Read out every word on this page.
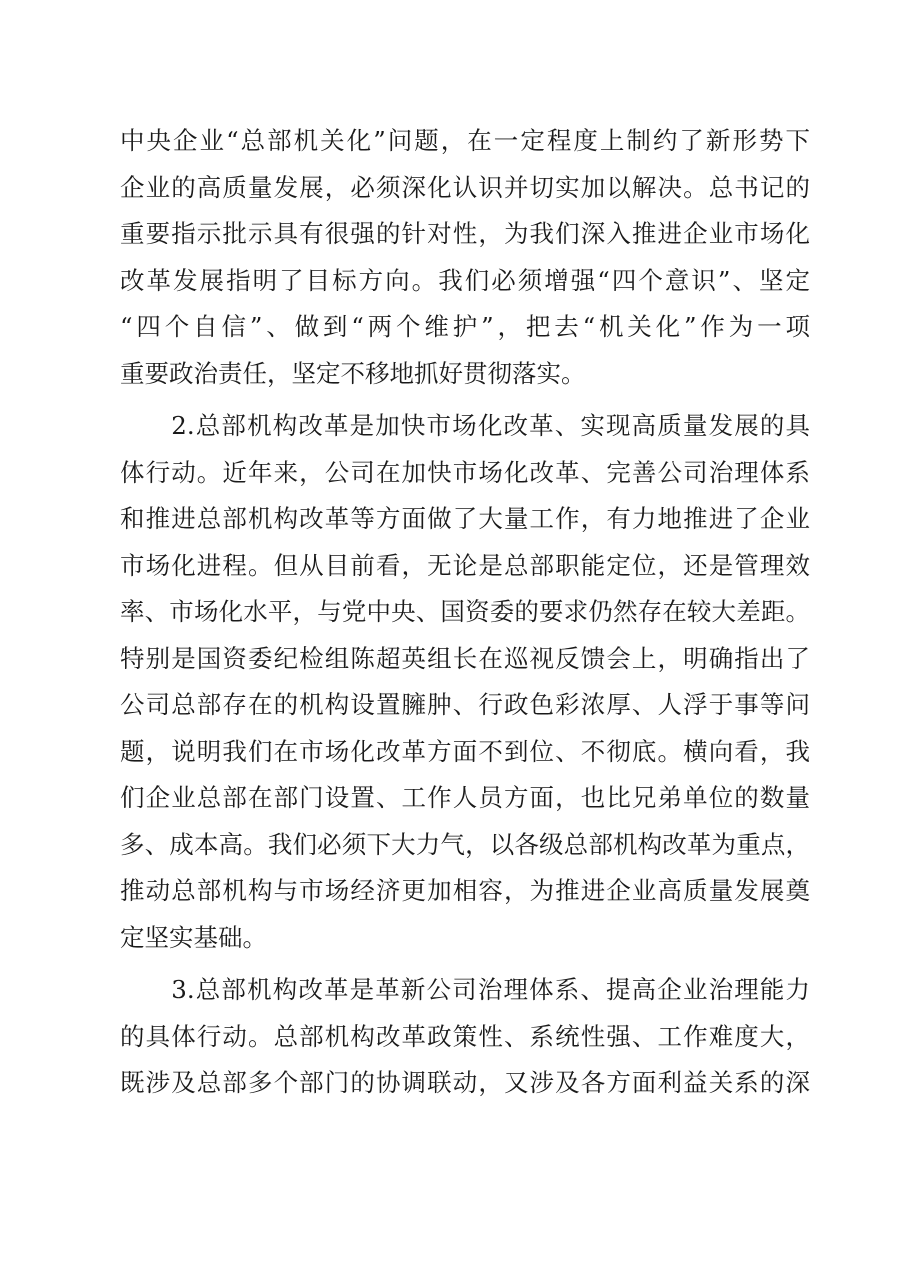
中央企业“总部机关化”问题，在一定程度上制约了新形势下
企业的高质量发展，必须深化认识并切实加以解决。总书记的
重要指示批示具有很强的针对性，为我们深入推进企业市场化
改革发展指明了目标方向。我们必须增强“四个意识”、坚定
“四个自信”、做到“两个维护”，把去“机关化”作为一项
重要政治责任，坚定不移地抓好贯彻落实。
　　2.总部机构改革是加快市场化改革、实现高质量发展的具
体行动。近年来，公司在加快市场化改革、完善公司治理体系
和推进总部机构改革等方面做了大量工作，有力地推进了企业
市场化进程。但从目前看，无论是总部职能定位，还是管理效
率、市场化水平，与党中央、国资委的要求仍然存在较大差距。
特别是国资委纪检组陈超英组长在巡视反馈会上，明确指出了
公司总部存在的机构设置臃肿、行政色彩浓厚、人浮于事等问
题，说明我们在市场化改革方面不到位、不彻底。横向看，我
们企业总部在部门设置、工作人员方面，也比兄弟单位的数量
多、成本高。我们必须下大力气，以各级总部机构改革为重点，
推动总部机构与市场经济更加相容，为推进企业高质量发展奠
定坚实基础。
　　3.总部机构改革是革新公司治理体系、提高企业治理能力
的具体行动。总部机构改革政策性、系统性强、工作难度大，
既涉及总部多个部门的协调联动，又涉及各方面利益关系的深
